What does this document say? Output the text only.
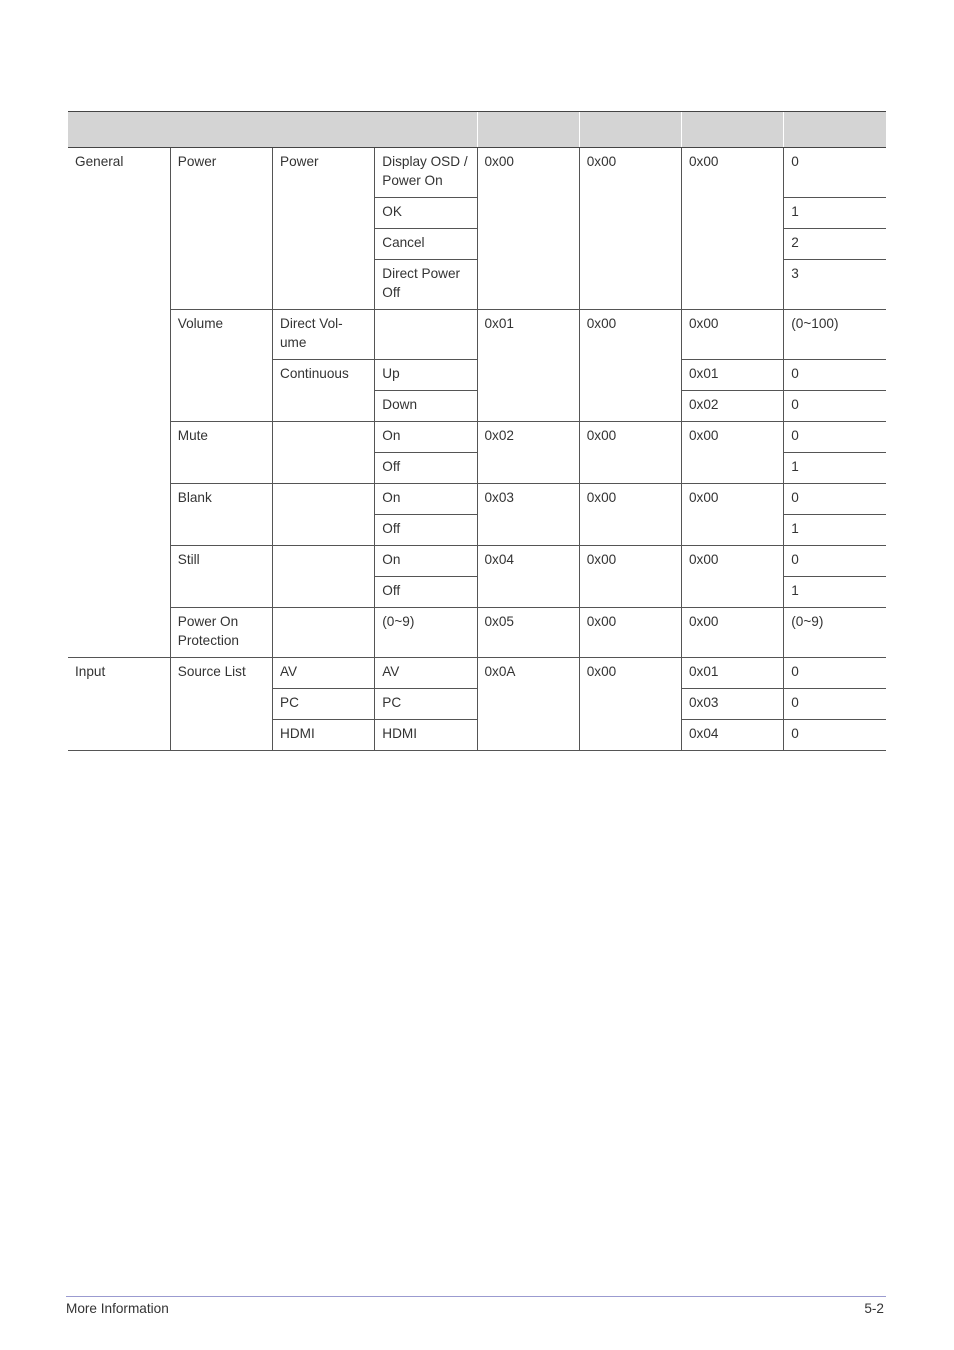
General	Power	Power	Display OSD / Power On	0x00	0x00	0x00	0
			OK				1
			Cancel				2
			Direct Power Off				3
	Volume	Direct Vol-ume		0x01	0x00	0x00	(0~100)
		Continuous	Up			0x01	0
			Down			0x02	0
	Mute		On	0x02	0x00	0x00	0
			Off				1
	Blank		On	0x03	0x00	0x00	0
			Off				1
	Still		On	0x04	0x00	0x00	0
			Off				1
	Power On Protection		(0~9)	0x05	0x00	0x00	(0~9)
Input	Source List	AV	AV	0x0A	0x00	0x01	0
		PC	PC			0x03	0
		HDMI	HDMI			0x04	0
More Information	5-2
